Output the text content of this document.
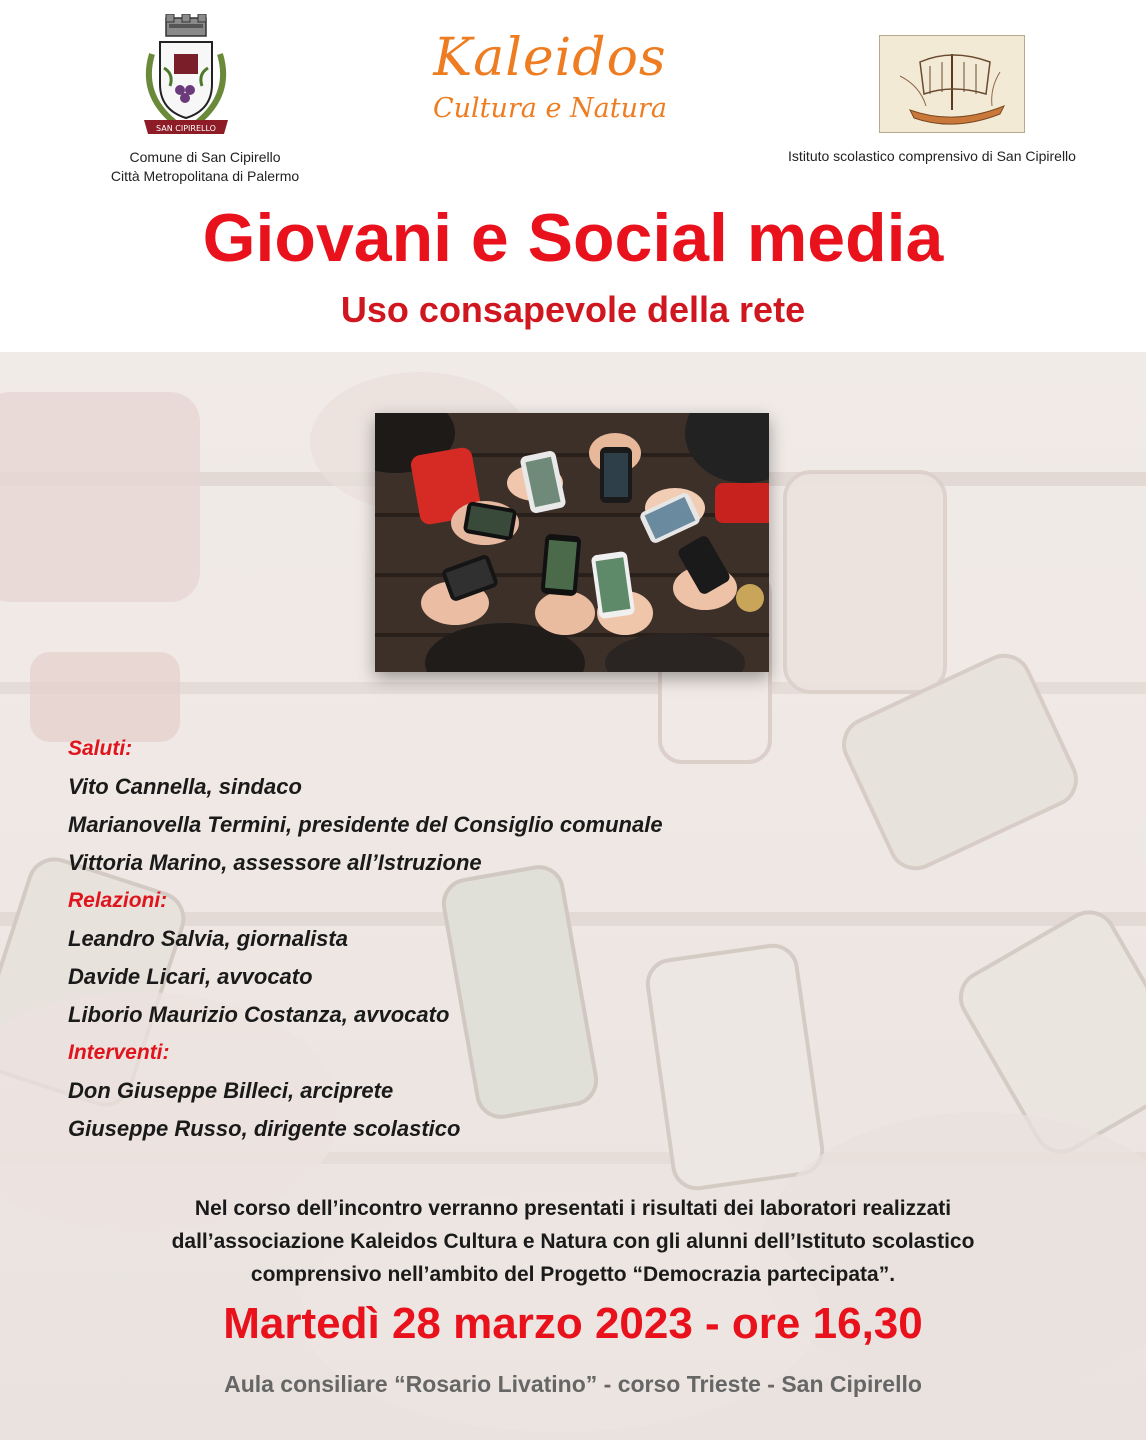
SAN CIPIRELLO
Comune di San Cipirello
Città Metropolitana di Palermo
Kaleidos
Cultura e Natura
Istituto scolastico comprensivo di San Cipirello
Giovani e Social media
Uso consapevole della rete
Saluti:
Vito Cannella, sindaco
Marianovella Termini, presidente del Consiglio comunale
Vittoria Marino, assessore all’Istruzione
Relazioni:
Leandro Salvia, giornalista
Davide Licari, avvocato
Liborio Maurizio Costanza, avvocato
Interventi:
Don Giuseppe Billeci, arciprete
Giuseppe Russo, dirigente scolastico
Nel corso dell’incontro verranno presentati i risultati dei laboratori realizzati
dall’associazione Kaleidos Cultura e Natura con gli alunni dell’Istituto scolastico
comprensivo nell’ambito del Progetto “Democrazia partecipata”.
Martedì 28 marzo 2023 - ore 16,30
Aula consiliare “Rosario Livatino” - corso Trieste - San Cipirello
